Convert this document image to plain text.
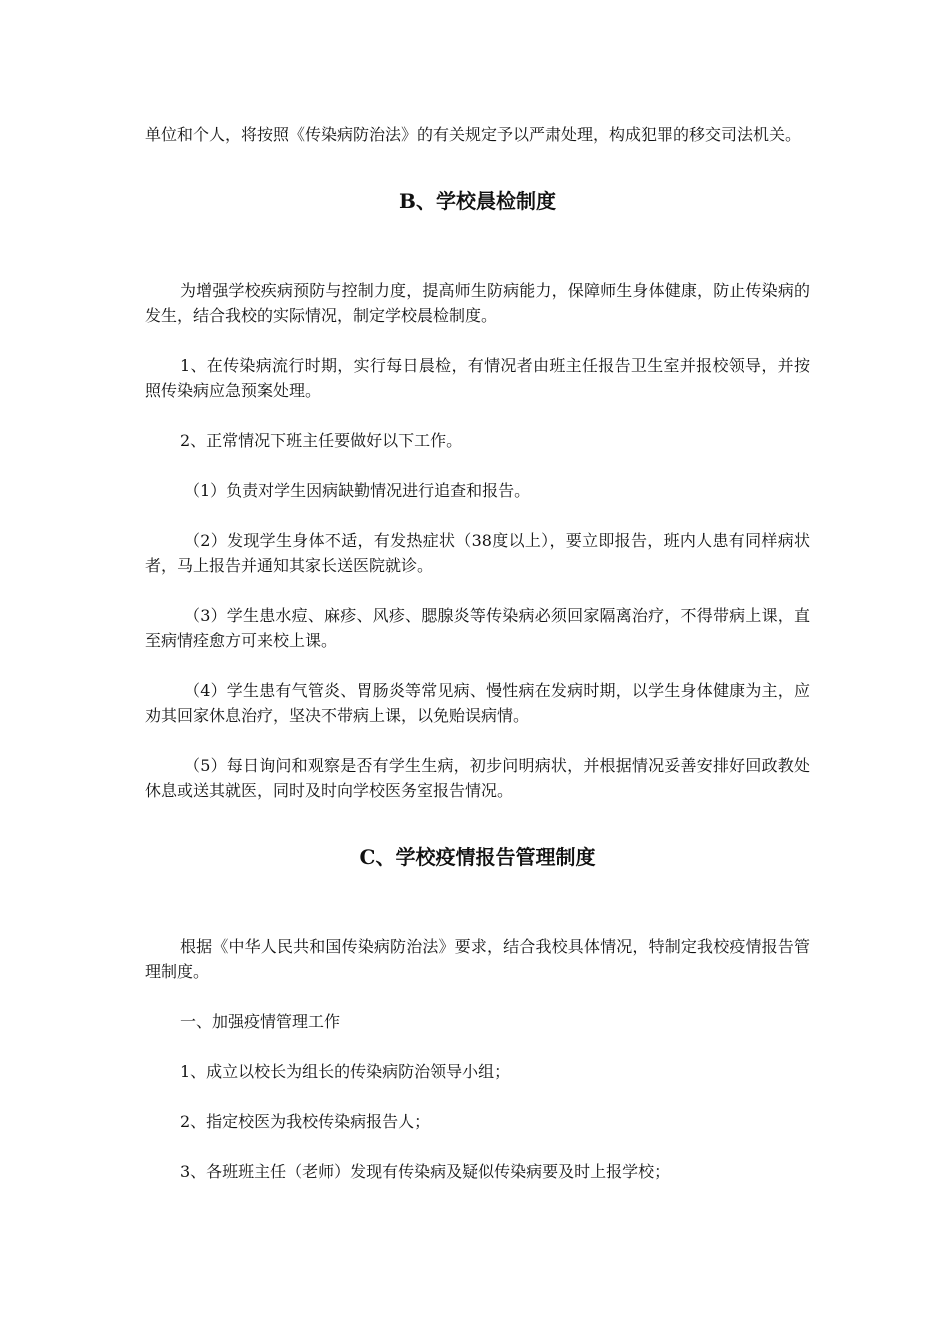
单位和个人，将按照《传染病防治法》的有关规定予以严肃处理，构成犯罪的移交司法机关。

B、学校晨检制度

为增强学校疾病预防与控制力度，提高师生防病能力，保障师生身体健康，防止传染病的发生，结合我校的实际情况，制定学校晨检制度。

1、在传染病流行时期，实行每日晨检，有情况者由班主任报告卫生室并报校领导，并按照传染病应急预案处理。

2、正常情况下班主任要做好以下工作。

（1）负责对学生因病缺勤情况进行追查和报告。

（2）发现学生身体不适，有发热症状（38度以上），要立即报告，班内人患有同样病状者，马上报告并通知其家长送医院就诊。

（3）学生患水痘、麻疹、风疹、腮腺炎等传染病必须回家隔离治疗，不得带病上课，直至病情痊愈方可来校上课。

（4）学生患有气管炎、胃肠炎等常见病、慢性病在发病时期，以学生身体健康为主，应劝其回家休息治疗，坚决不带病上课，以免贻误病情。

（5）每日询问和观察是否有学生生病，初步问明病状，并根据情况妥善安排好回政教处休息或送其就医，同时及时向学校医务室报告情况。

C、学校疫情报告管理制度

根据《中华人民共和国传染病防治法》要求，结合我校具体情况，特制定我校疫情报告管理制度。

一、加强疫情管理工作

1、成立以校长为组长的传染病防治领导小组；

2、指定校医为我校传染病报告人；

3、各班班主任（老师）发现有传染病及疑似传染病要及时上报学校；
